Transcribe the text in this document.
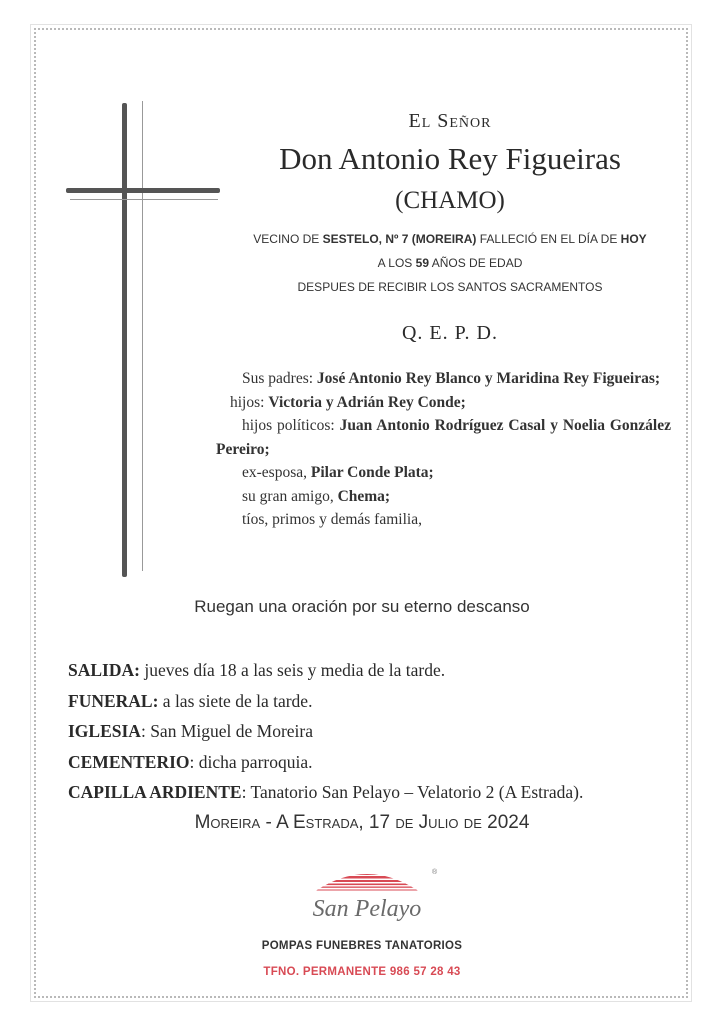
El Señor
Don Antonio Rey Figueiras
(CHAMO)
VECINO DE SESTELO, Nº 7 (MOREIRA) FALLECIÓ EN EL DÍA DE HOY
A LOS 59 AÑOS DE EDAD
DESPUES DE RECIBIR LOS SANTOS SACRAMENTOS
Q. E. P. D.

Sus padres: José Antonio Rey Blanco y Maridina Rey Figueiras;

hijos: Victoria y Adrián Rey Conde;

hijos políticos: Juan Antonio Rodríguez Casal y Noelia González Pereiro;

ex-esposa, Pilar Conde Plata;

su gran amigo, Chema;

tíos, primos y demás familia,

Ruegan una oración por su eterno descanso
SALIDA: jueves día 18 a las seis y media de la tarde.
FUNERAL: a las siete de la tarde.
IGLESIA: San Miguel de Moreira
CEMENTERIO: dicha parroquia.
CAPILLA ARDIENTE: Tanatorio San Pelayo – Velatorio 2 (A Estrada).
Moreira - A Estrada, 17 de Julio de 2024
®
San Pelayo
POMPAS FUNEBRES TANATORIOS
TFNO. PERMANENTE 986 57 28 43
